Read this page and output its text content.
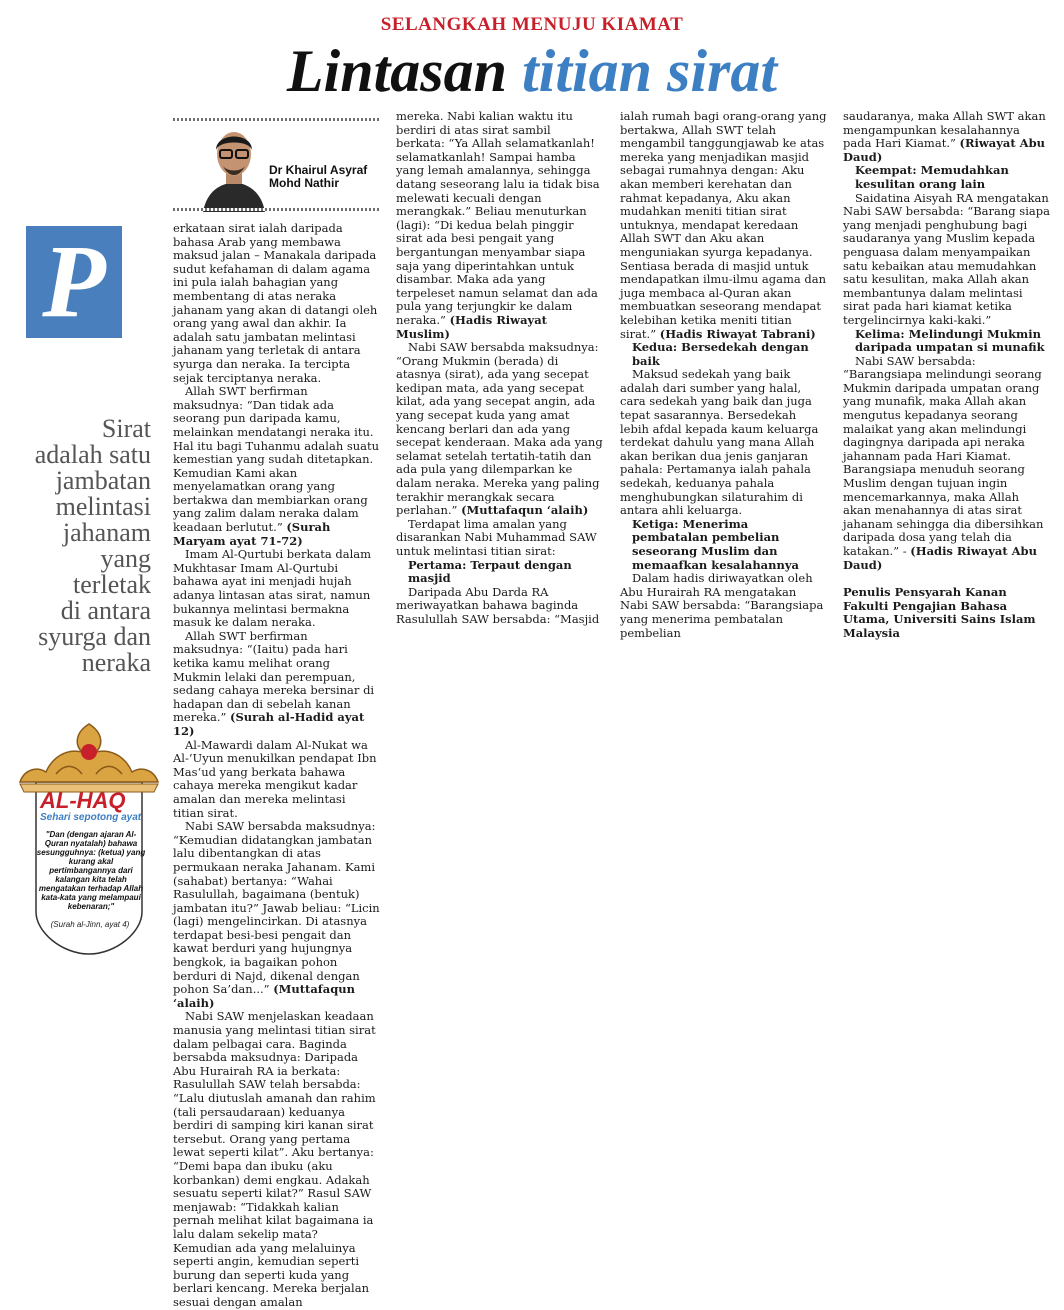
SELANGKAH MENUJU KIAMAT
Lintasan titian sirat
Dr Khairul Asyraf
Mohd Nathir
P
Sirat
adalah satu
jambatan
melintasi
jahanam
yang
terletak
di antara
syurga dan
neraka
AL-HAQ
Sehari sepotong ayat
"Dan (dengan ajaran Al-Quran nyatalah) bahawa sesungguhnya: (ketua) yang kurang akal pertimbangannya dari kalangan kita telah mengatakan terhadap Allah kata-kata yang melampaui kebenaran;"
(Surah al-Jinn, ayat 4)

erkataan sirat ialah daripada bahasa Arab yang membawa maksud jalan – Manakala daripada sudut kefahaman di dalam agama ini pula ialah bahagian yang membentang di atas neraka jahanam yang akan di datangi oleh orang yang awal dan akhir. Ia adalah satu jambatan melintasi jahanam yang terletak di antara syurga dan neraka. Ia tercipta sejak terciptanya neraka.

Allah SWT berfirman maksudnya: “Dan tidak ada seorang pun daripada kamu, melainkan mendatangi neraka itu. Hal itu bagi Tuhanmu adalah suatu kemestian yang sudah ditetapkan. Kemudian Kami akan menyelamatkan orang yang bertakwa dan membiarkan orang yang zalim dalam neraka dalam keadaan berlutut.” (Surah Maryam ayat 71-72)

Imam Al-Qurtubi berkata dalam Mukhtasar Imam Al-Qurtubi bahawa ayat ini menjadi hujah adanya lintasan atas sirat, namun bukannya melintasi bermakna masuk ke dalam neraka.

Allah SWT berfirman maksudnya: “(Iaitu) pada hari ketika kamu melihat orang Mukmin lelaki dan perempuan, sedang cahaya mereka bersinar di hadapan dan di sebelah kanan mereka.” (Surah al-Hadid ayat 12)

Al-Mawardi dalam Al-Nukat wa Al-‘Uyun menukilkan pendapat Ibn Mas‘ud yang berkata bahawa cahaya mereka mengikut kadar amalan dan mereka melintasi titian sirat.

Nabi SAW bersabda maksudnya: “Kemudian didatangkan jambatan lalu dibentangkan di atas permukaan neraka Jahanam. Kami (sahabat) bertanya: “Wahai Rasulullah, bagaimana (bentuk) jambatan itu?” Jawab beliau: “Licin (lagi) mengelincirkan. Di atasnya terdapat besi-besi pengait dan kawat berduri yang hujungnya bengkok, ia bagaikan pohon berduri di Najd, dikenal dengan pohon Sa’dan...” (Muttafaqun ‘alaih)

Nabi SAW menjelaskan keadaan manusia yang melintasi titian sirat dalam pelbagai cara. Baginda bersabda maksudnya: Daripada Abu Hurairah RA ia berkata: Rasulullah SAW telah bersabda: “Lalu diutuslah amanah dan rahim (tali persaudaraan) keduanya berdiri di samping kiri kanan sirat tersebut. Orang yang pertama lewat seperti kilat”. Aku bertanya: “Demi bapa dan ibuku (aku korbankan) demi engkau. Adakah sesuatu seperti kilat?” Rasul SAW menjawab: “Tidakkah kalian pernah melihat kilat bagaimana ia lalu dalam sekelip mata? Kemudian ada yang melaluinya seperti angin, kemudian seperti burung dan seperti kuda yang berlari kencang. Mereka berjalan sesuai dengan amalan

mereka. Nabi kalian waktu itu berdiri di atas sirat sambil berkata: “Ya Allah selamatkanlah! selamatkanlah! Sampai hamba yang lemah amalannya, sehingga datang seseorang lalu ia tidak bisa melewati kecuali dengan merangkak.” Beliau menuturkan (lagi): “Di kedua belah pinggir sirat ada besi pengait yang bergantungan menyambar siapa saja yang diperintahkan untuk disambar. Maka ada yang terpeleset namun selamat dan ada pula yang terjungkir ke dalam neraka.” (Hadis Riwayat Muslim)

Nabi SAW bersabda maksudnya: “Orang Mukmin (berada) di atasnya (sirat), ada yang secepat kedipan mata, ada yang secepat kilat, ada yang secepat angin, ada yang secepat kuda yang amat kencang berlari dan ada yang secepat kenderaan. Maka ada yang selamat setelah tertatih-tatih dan ada pula yang dilemparkan ke dalam neraka. Mereka yang paling terakhir merangkak secara perlahan.” (Muttafaqun ‘alaih)

Terdapat lima amalan yang disarankan Nabi Muhammad SAW untuk melintasi titian sirat:

Pertama: Terpaut dengan masjid

Daripada Abu Darda RA meriwayatkan bahawa baginda Rasulullah SAW bersabda: “Masjid

ialah rumah bagi orang-orang yang bertakwa, Allah SWT telah mengambil tanggungjawab ke atas mereka yang menjadikan masjid sebagai rumahnya dengan: Aku akan memberi kerehatan dan rahmat kepadanya, Aku akan mudahkan meniti titian sirat untuknya, mendapat keredaan Allah SWT dan Aku akan menguniakan syurga kepadanya. Sentiasa berada di masjid untuk mendapatkan ilmu-ilmu agama dan juga membaca al-Quran akan membuatkan seseorang mendapat kelebihan ketika meniti titian sirat.” (Hadis Riwayat Tabrani)

Kedua: Bersedekah dengan baik

Maksud sedekah yang baik adalah dari sumber yang halal, cara sedekah yang baik dan juga tepat sasarannya. Bersedekah lebih afdal kepada kaum keluarga terdekat dahulu yang mana Allah akan berikan dua jenis ganjaran pahala: Pertamanya ialah pahala sedekah, keduanya pahala menghubungkan silaturahim di antara ahli keluarga.

Ketiga: Menerima pembatalan pembelian seseorang Muslim dan memaafkan kesalahannya

Dalam hadis diriwayatkan oleh Abu Hurairah RA mengatakan Nabi SAW bersabda: “Barangsiapa yang menerima pembatalan pembelian

saudaranya, maka Allah SWT akan mengampunkan kesalahannya pada Hari Kiamat.” (Riwayat Abu Daud)

Keempat: Memudahkan kesulitan orang lain

Saidatina Aisyah RA mengatakan Nabi SAW bersabda: “Barang siapa yang menjadi penghubung bagi saudaranya yang Muslim kepada penguasa dalam menyampaikan satu kebaikan atau memudahkan satu kesulitan, maka Allah akan membantunya dalam melintasi sirat pada hari kiamat ketika tergelincirnya kaki-kaki.”

Kelima: Melindungi Mukmin daripada umpatan si munafik

Nabi SAW bersabda: “Barangsiapa melindungi seorang Mukmin daripada umpatan orang yang munafik, maka Allah akan mengutus kepadanya seorang malaikat yang akan melindungi dagingnya daripada api neraka jahannam pada Hari Kiamat. Barangsiapa menuduh seorang Muslim dengan tujuan ingin mencemarkannya, maka Allah akan menahannya di atas sirat jahanam sehingga dia dibersihkan daripada dosa yang telah dia katakan.” - (Hadis Riwayat Abu Daud)

Penulis Pensyarah Kanan Fakulti Pengajian Bahasa Utama, Universiti Sains Islam Malaysia
